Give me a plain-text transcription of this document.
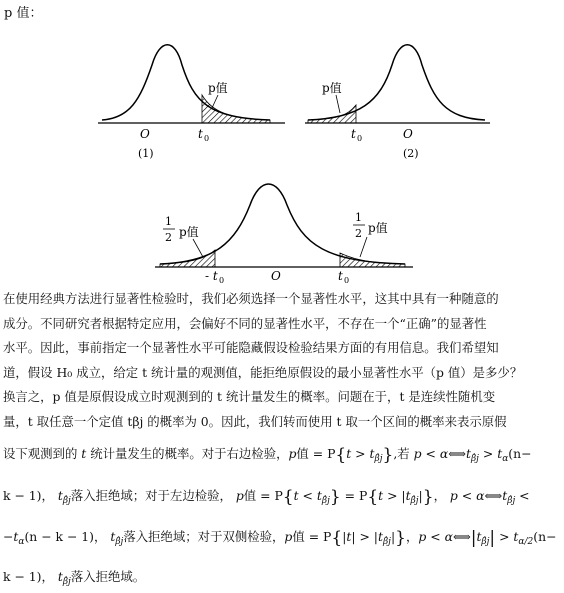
p 值：
O	t 0
p值
(1)
t 0	O
p值
(2)
1
2 p值
1
2 p值
- t 0	O	t 0
在使用经典方法进行显著性检验时，我们必须选择一个显著性水平，这其中具有一种随意的
成分。不同研究者根据特定应用，会偏好不同的显著性水平，不存在一个“正确”的显著性
水平。因此，事前指定一个显著性水平可能隐藏假设检验结果方面的有用信息。我们希望知
道，假设 H₀ 成立，给定 t 统计量的观测值，能拒绝原假设的最小显著性水平（p 值）是多少？
换言之，p 值是原假设成立时观测到的 t 统计量发生的概率。问题在于，t 是连续性随机变
量，t 取任意一个定值 tβj 的概率为 0。因此，我们转而使用 t 取一个区间的概率来表示原假
设下观测到的 t 统计量发生的概率。对于右边检验，p值 = $P\{t > t_{\betâj}\}$,若 $p < \alpha⟺t_{\betâj} > t_\alpha(n-$
k − 1)， $t_{\betâj}$落入拒绝域；对于左边检验， p值 = $P\{t < t_{\betâj}\} = P\{t > |t_{\betâj}|\}$， $p < \alpha⟺t_{\betâj}$ <
$-t_\alpha(n - k - 1)$， $t_{\betâj}$落入拒绝域；对于双侧检验，p值 = $P\{|t| > |t_{\betâj}|\}$，$p < \alpha⟺|t_{\betâj}| > t_{\alpha/2}(n-$
k − 1)， $t_{\betâj}$落入拒绝域。
